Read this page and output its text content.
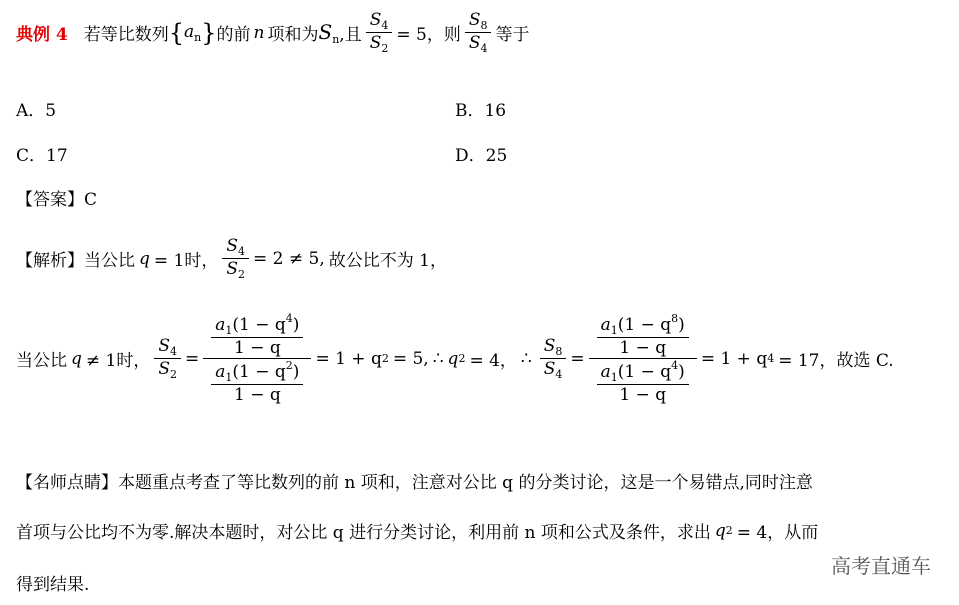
典例 4 若等比数列 { $a_n$ } 的前 n 项和为 $S_n$ ,且 $\frac{S_4}{S_2} = 5$，则 $\frac{S_8}{S_4}$ 等于
A．5	B．16
C．17	D．25
【答案】C
【解析】 当公比 q = 1时， $\frac{S_4}{S_2} = 2 \ne 5$, 故公比不为 1，
当公比 q ≠ 1时， $\frac{S_4}{S_2} = \frac{\frac{a_1(1 - q^4)}{1 - q}}{\frac{a_1(1 - q^2)}{1 - q}} = 1 + q$ 2 = 5, ∴ q 2 = 4， ∴ $\frac{S_8}{S_4} = \frac{\frac{a_1(1 - q^8)}{1 - q}}{\frac{a_1(1 - q^4)}{1 - q}} = 1 + q$ 4 = 17，故选 C.
【名师点睛】本题重点考查了等比数列的前 n 项和，注意对公比 q 的分类讨论，这是一个易错点,同时注意
首项与公比均不为零.解决本题时，对公比 q 进行分类讨论，利用前 n 项和公式及条件，求出 q 2 = 4，从而
得到结果.
高考直通车
